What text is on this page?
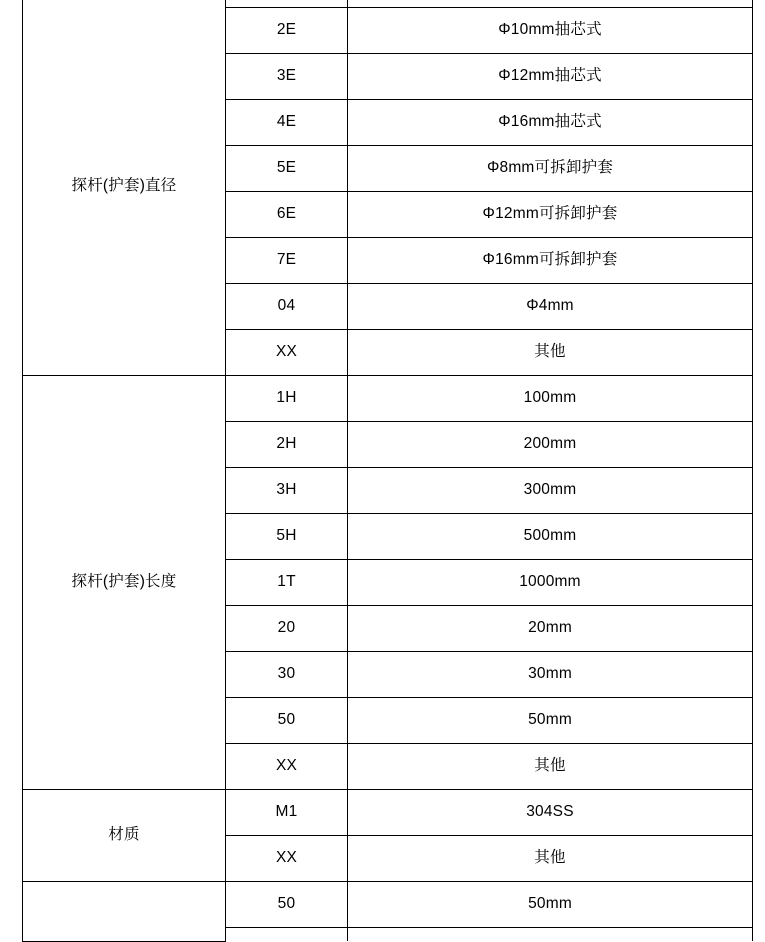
探杆(护套)直径		
	2E	Φ10mm抽芯式
	3E	Φ12mm抽芯式
	4E	Φ16mm抽芯式
	5E	Φ8mm可拆卸护套
	6E	Φ12mm可拆卸护套
	7E	Φ16mm可拆卸护套
	04	Φ4mm
	XX	其他
探杆(护套)长度	1H	100mm
	2H	200mm
	3H	300mm
	5H	500mm
	1T	1000mm
	20	20mm
	30	30mm
	50	50mm
	XX	其他
材质	M1	304SS
	XX	其他
	50	50mm
